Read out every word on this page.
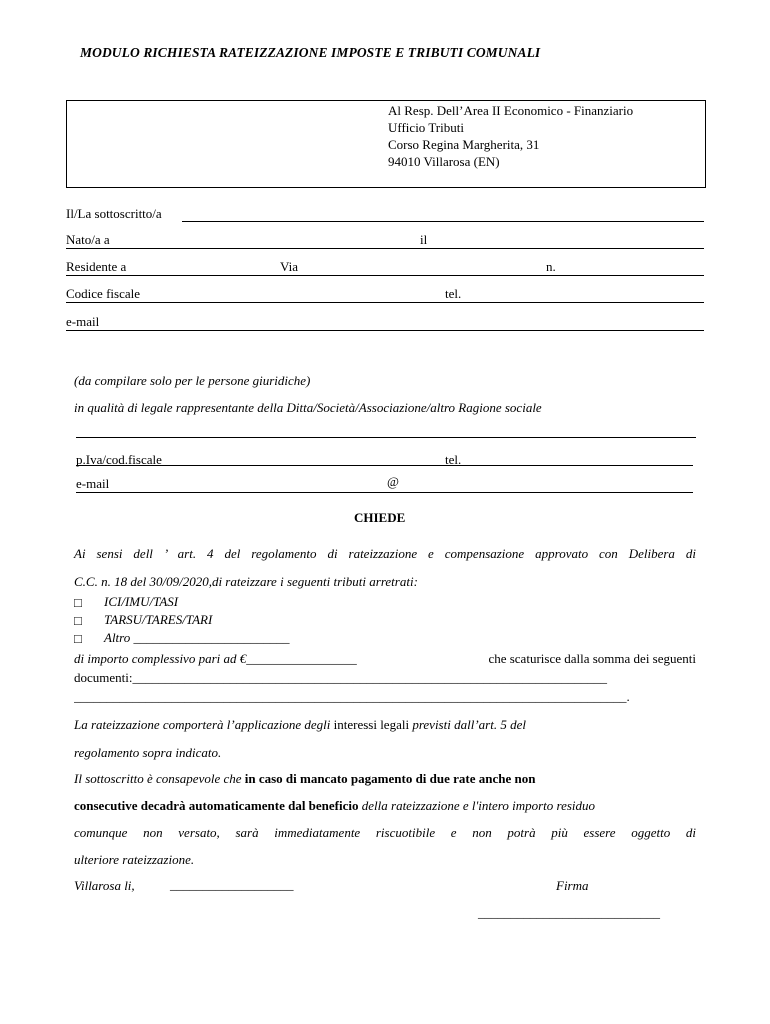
MODULO RICHIESTA RATEIZZAZIONE IMPOSTE E TRIBUTI COMUNALI
Al Resp. Dell’Area II Economico - Finanziario
Ufficio Tributi
Corso Regina Margherita, 31
94010 Villarosa (EN)
Il/La sottoscritto/a
Nato/a a	il
Residente a	Via	n.
Codice fiscale	tel.
e-mail
(da compilare solo per le persone giuridiche)
in qualità di legale rappresentante della Ditta/Società/Associazione/altro Ragione sociale
p.Iva/cod.fiscale	tel.
e-mail	@
CHIEDE
Ai sensi dell ’ art. 4 del regolamento di rateizzazione e compensazione approvato con Delibera di
C.C. n. 18 del 30/09/2020,di rateizzare i seguenti tributi arretrati:
□ ICI/IMU/TASI
□ TARSU/TARES/TARI
□ Altro ________________________
di importo complessivo pari ad €_________________	che scaturisce dalla somma dei seguenti
documenti:_________________________________________________________________________
_____________________________________________________________________________________.
La rateizzazione comporterà l’applicazione degli interessi legali previsti dall’art. 5 del
regolamento sopra indicato.
Il sottoscritto è consapevole che in caso di mancato pagamento di due rate anche non
consecutive decadrà automaticamente dal beneficio della rateizzazione e l'intero importo residuo
comunque non versato, sarà immediatamente riscuotibile e non potrà più essere oggetto di
ulteriore rateizzazione.
Villarosa li,	___________________	Firma
____________________________
